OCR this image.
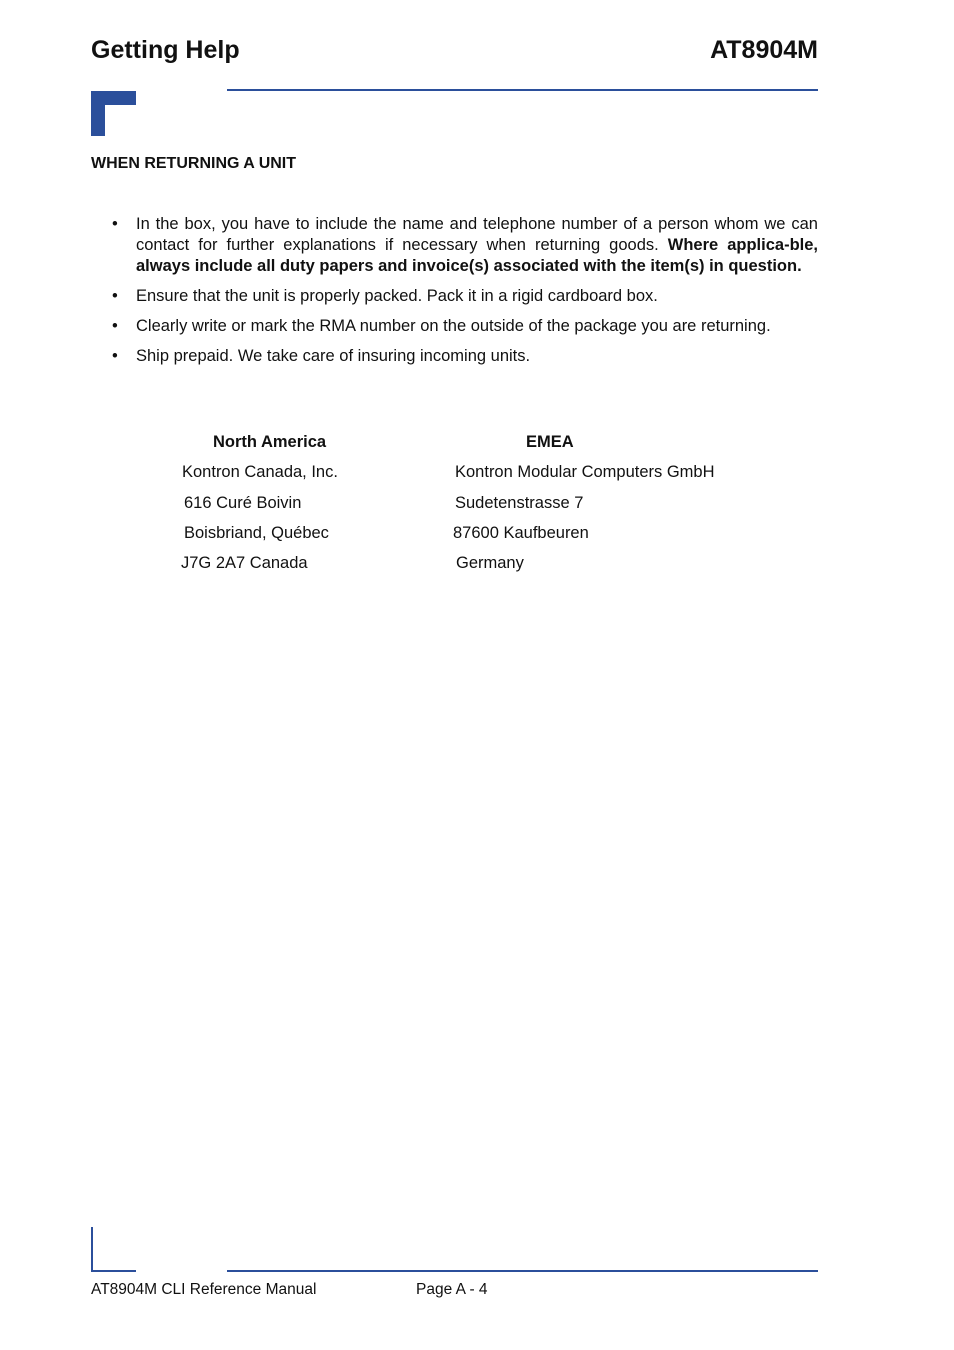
Getting Help	AT8904M
WHEN RETURNING A UNIT
• In the box, you have to include the name and telephone number of a person whom we can contact for further explanations if necessary when returning goods. Where applica-ble, always include all duty papers and invoice(s) associated with the item(s) in question.
• Ensure that the unit is properly packed. Pack it in a rigid cardboard box.
• Clearly write or mark the RMA number on the outside of the package you are returning.
• Ship prepaid. We take care of insuring incoming units.
North America
Kontron Canada, Inc.
616 Curé Boivin
Boisbriand, Québec
J7G 2A7 Canada
EMEA
Kontron Modular Computers GmbH
Sudetenstrasse 7
87600 Kaufbeuren
Germany
AT8904M CLI Reference Manual	Page A - 4
